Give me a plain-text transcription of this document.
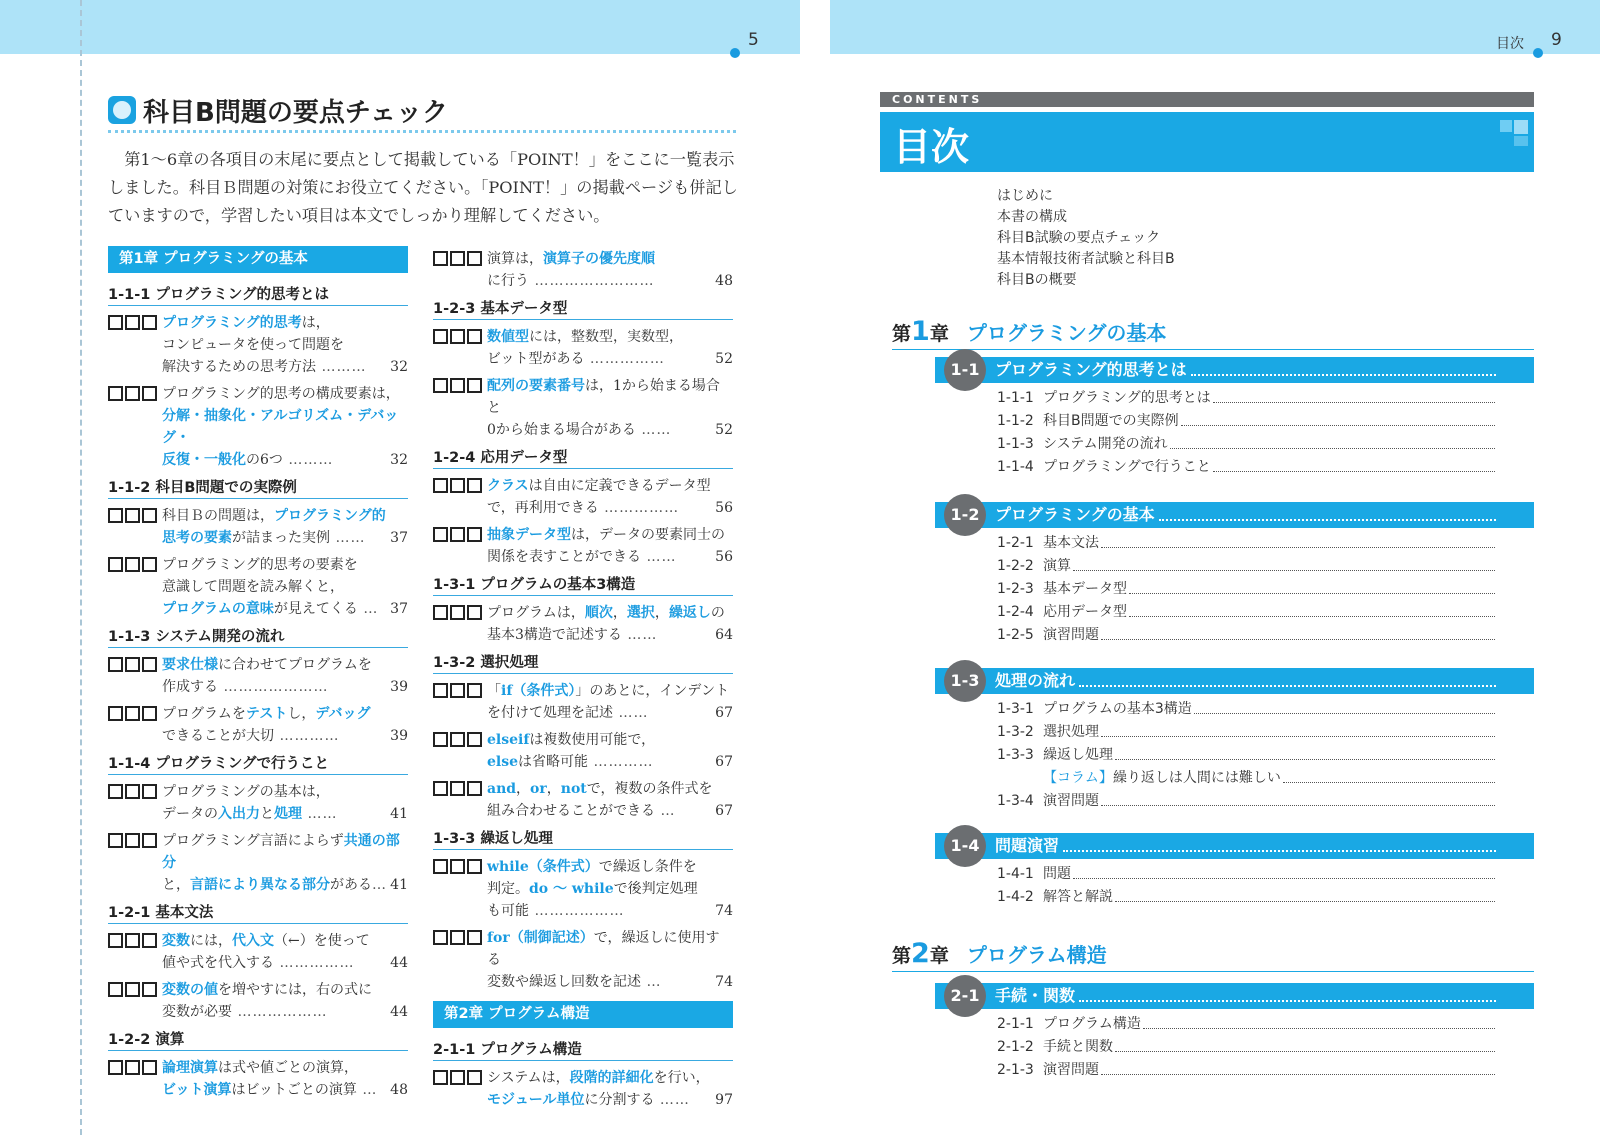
5	目次 9
科目B問題の要点チェック

第1～6章の各項目の末尾に要点として掲載している「POINT！」をここに一覧表示しました。科目Ｂ問題の対策にお役立てください。「POINT！」の掲載ページも併記していますので，学習したい項目は本文でしっかり理解してください。

第1章 プログラミングの基本
1-1-1 プログラミング的思考とは
プログラミング的思考は，
コンピュータを使って問題を
解決するための思考方法 ……… 32
プログラミング的思考の構成要素は，
分解・抽象化・アルゴリズム・デバッグ・
反復・一般化の6つ ………	32
1-1-2 科目B問題での実際例
科目Ｂの問題は，プログラミング的
思考の要素が詰まった実例 …… 37
プログラミング的思考の要素を
意識して問題を読み解くと，
プログラムの意味が見えてくる … 37
1-1-3 システム開発の流れ
要求仕様に合わせてプログラムを
作成する …………………	39
プログラムをテストし，デバッグ
できることが大切 …………	39
1-1-4 プログラミングで行うこと
プログラミングの基本は，
データの入出力と処理 ……	41
プログラミング言語によらず共通の部分
と，言語により異なる部分がある… 41
1-2-1 基本文法
変数には，代入文（←）を使って
値や式を代入する ……………	44
変数の値を増やすには，右の式に
変数が必要 ………………	44
1-2-2 演算
論理演算は式や値ごとの演算，
ビット演算はビットごとの演算 … 48
演算は，演算子の優先度順
に行う ……………………	48
1-2-3 基本データ型
数値型には，整数型，実数型，
ビット型がある ……………	52
配列の要素番号は，1から始まる場合と
0から始まる場合がある ……	52
1-2-4 応用データ型
クラスは自由に定義できるデータ型
で，再利用できる ……………	56
抽象データ型は，データの要素同士の
関係を表すことができる ……	56
1-3-1 プログラムの基本3構造
プログラムは，順次，選択，繰返しの
基本3構造で記述する ……	64
1-3-2 選択処理
「if（条件式）」のあとに，インデント
を付けて処理を記述 ……	67
elseifは複数使用可能で，
elseは省略可能 …………	67
and，or，notで，複数の条件式を
組み合わせることができる …	67
1-3-3 繰返し処理
while（条件式）で繰返し条件を
判定。do ～ whileで後判定処理
も可能 ………………	74
for（制御記述）で，繰返しに使用する
変数や繰返し回数を記述 …	74
第2章 プログラム構造
2-1-1 プログラム構造
システムは，段階的詳細化を行い，
モジュール単位に分割する …… 97
CONTENTS
目次
はじめに
本書の構成
科目B試験の要点チェック
基本情報技術者試験と科目B
科目Bの概要
第1章 プログラミングの基本
第2章 プログラム構造
1-1 プログラミング的思考とは
1-1-1 プログラミング的思考とは
1-1-2 科目B問題での実際例
1-1-3 システム開発の流れ
1-1-4 プログラミングで行うこと
1-2 プログラミングの基本
1-2-1 基本文法
1-2-2 演算
1-2-3 基本データ型
1-2-4 応用データ型
1-2-5 演習問題
1-3 処理の流れ
1-3-1 プログラムの基本3構造
1-3-2 選択処理
1-3-3 繰返し処理
【コラム】 繰り返しは人間には難しい
1-3-4 演習問題
1-4 問題演習
1-4-1 問題
1-4-2 解答と解説
2-1 手続・関数
2-1-1 プログラム構造
2-1-2 手続と関数
2-1-3 演習問題
